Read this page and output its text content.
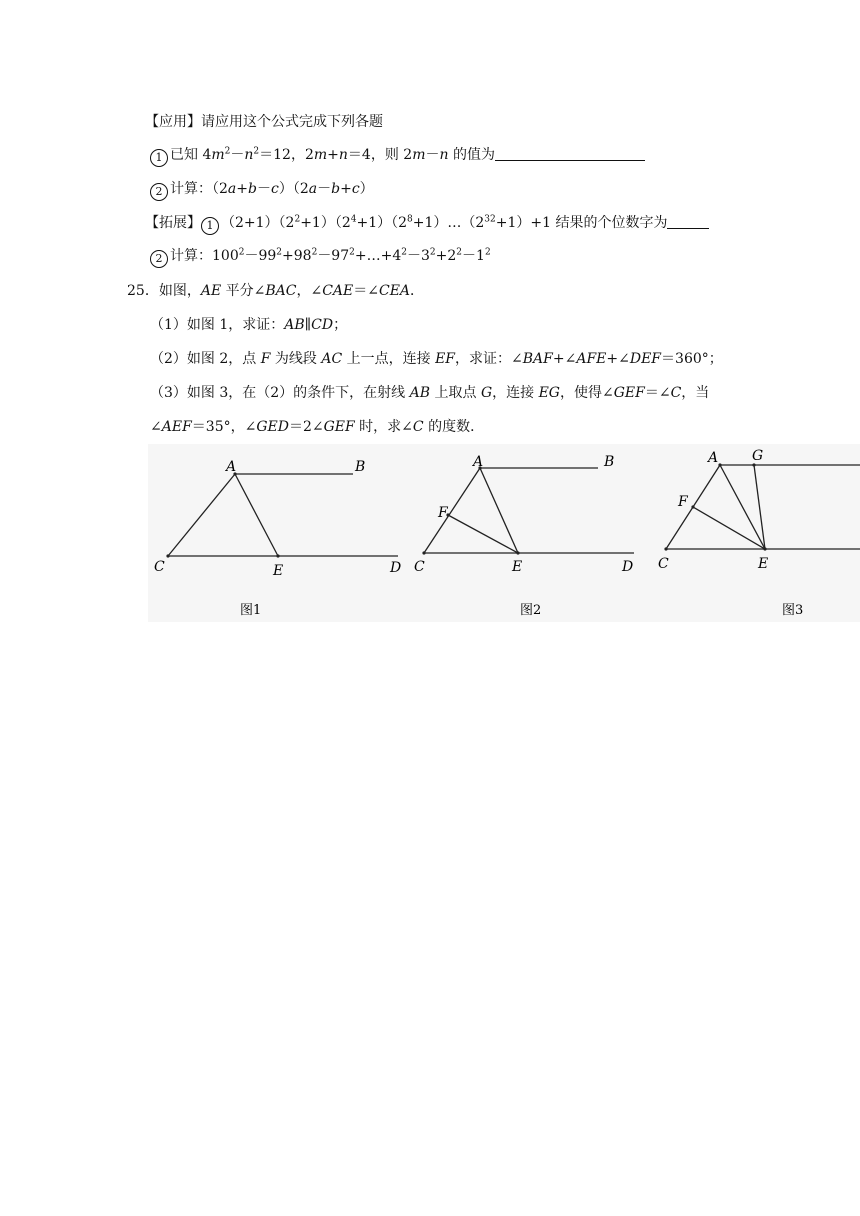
【应用】请应用这个公式完成下列各题
1 已知 $4m^2-n^2=12$，2m+n＝4，则 2m－n 的值为
2 计算：（2a+b－c）（2a－b+c）
【拓展】 1 $(2+1)(2^2+1)(2^4+1)(2^8+1)\dots(2^{32}+1)+1$ 结果的个位数字为
2 计算：$100^2-99^2+98^2-97^2+\dots+4^2-3^2+2^2-1^2$
25．如图，AE 平分∠BAC，∠CAE＝∠CEA．
（1）如图 1，求证：AB∥CD；
（2）如图 2，点 F 为线段 AC 上一点，连接 EF，求证：∠BAF+∠AFE+∠DEF＝360°；
（3）如图 3，在（2）的条件下，在射线 AB 上取点 G，连接 EG，使得∠GEF＝∠C，当
∠AEF＝35°，∠GED＝2∠GEF 时，求∠C 的度数．
A	B
C	E	D
图1
A	B
F
C	E	D
图2
A G
F
C	E
图3
